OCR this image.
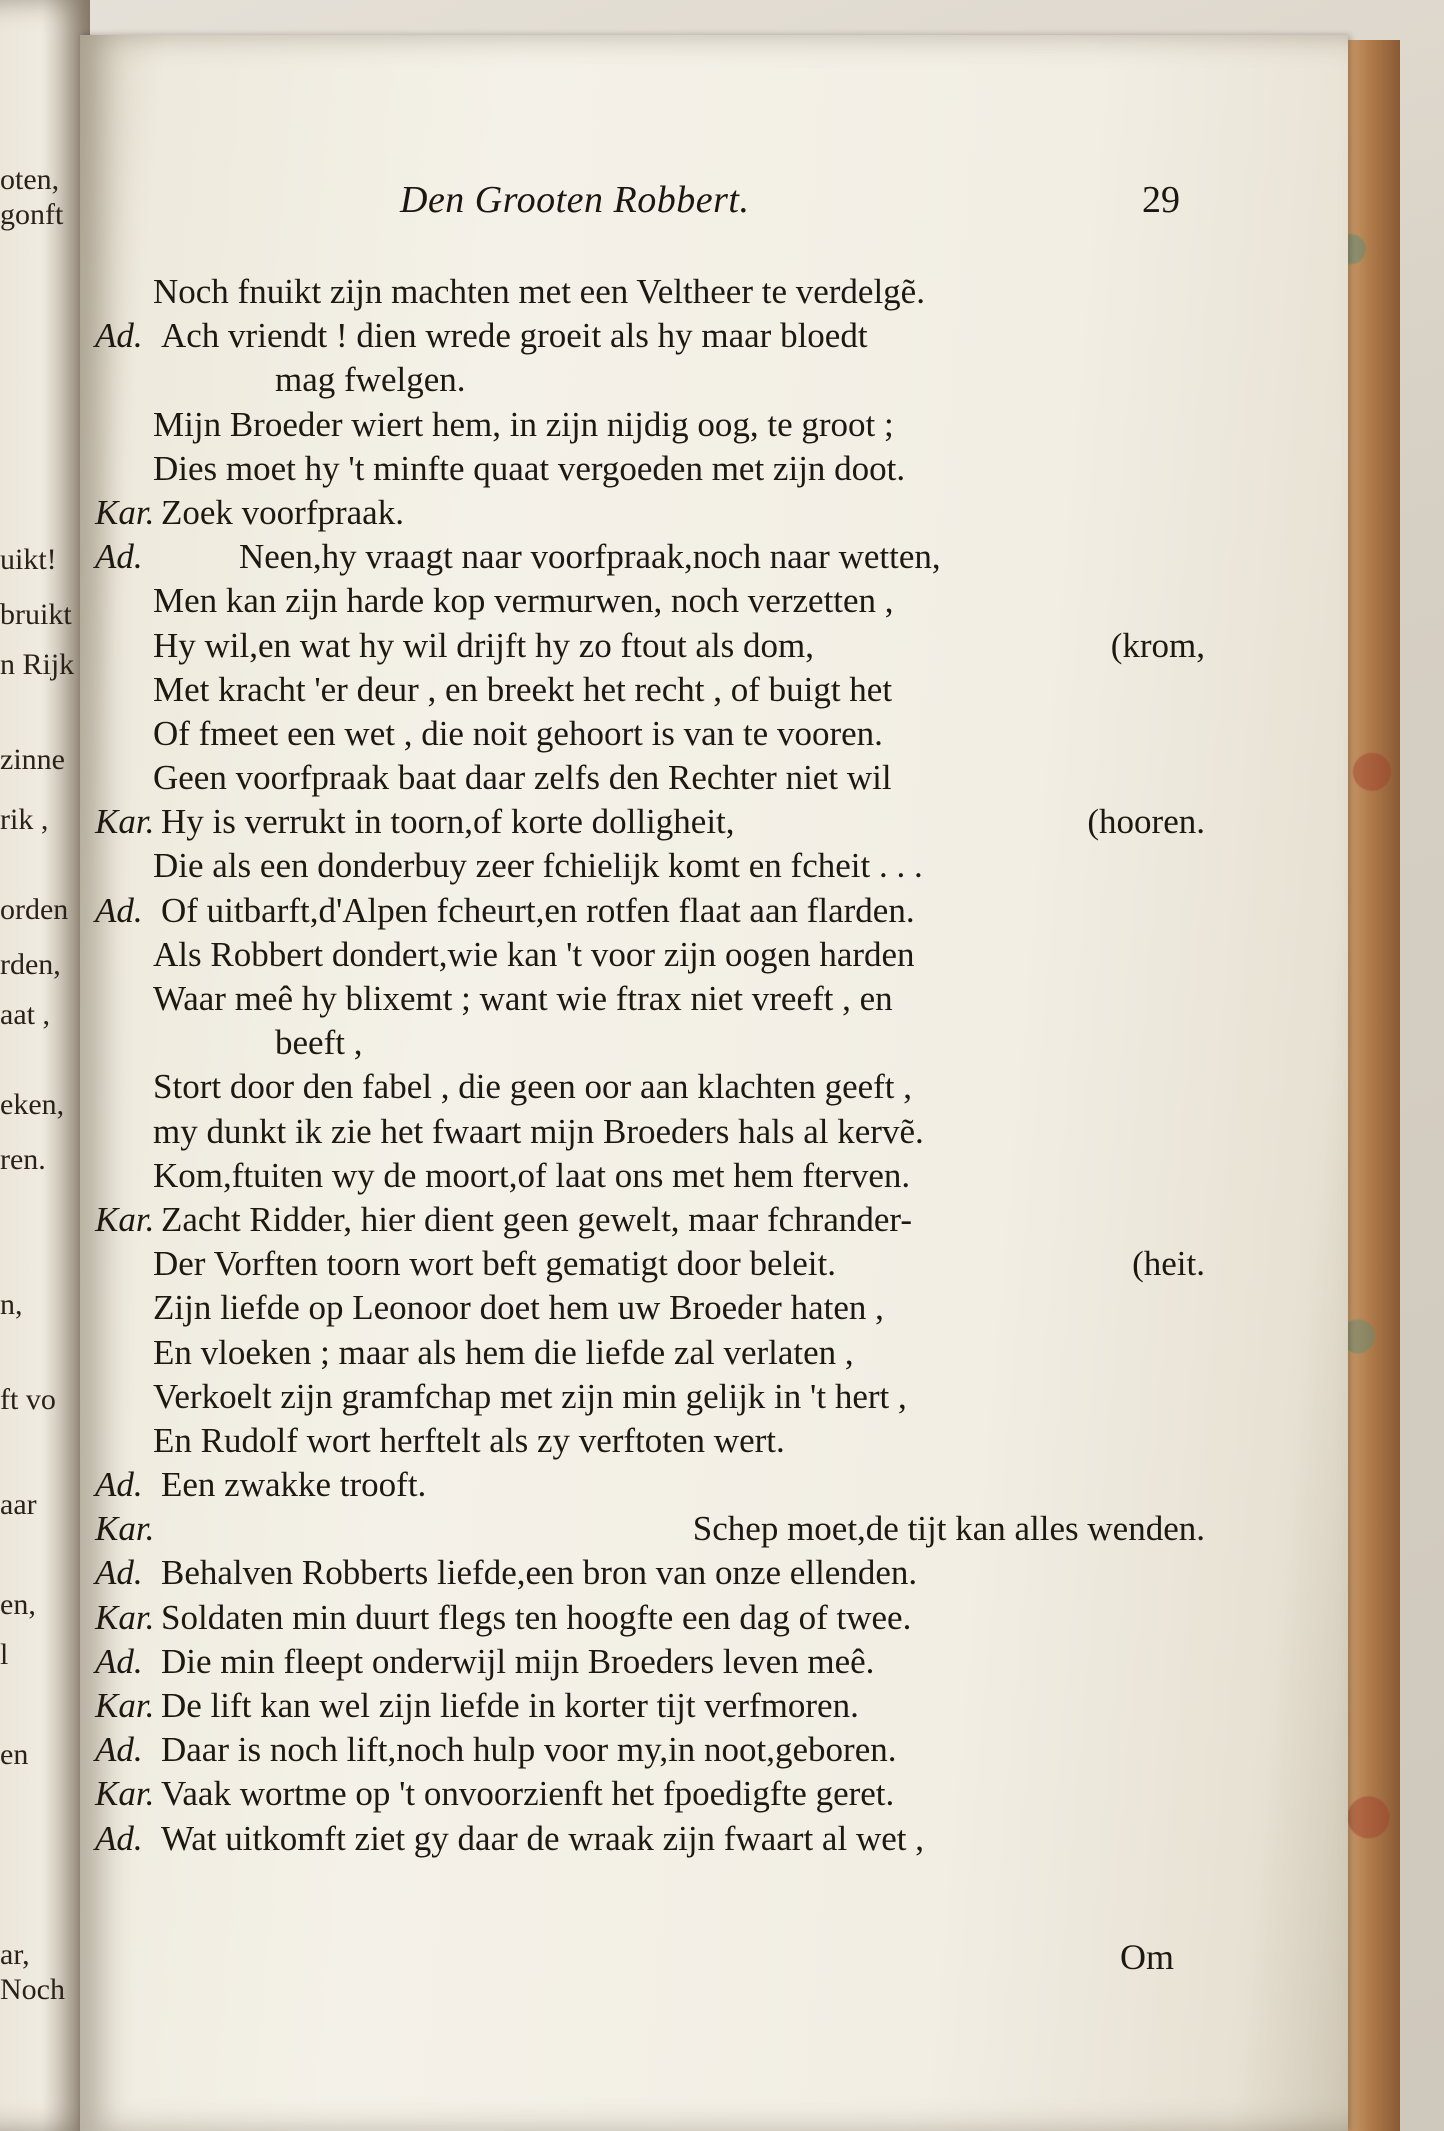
oten,
gonft
uikt!
bruikt
n Rijk
zinne
rik ,
orden
rden,
aat ,
eken,
ren.
n,
ft vo
aar
en,
l
en
ar,
Noch
Den Grooten Robbert.	29
Noch fnuikt zijn machten met een Veltheer te verdelgẽ.
Ad. Ach vriendt ! dien wrede groeit als hy maar bloedt
mag fwelgen.
Mijn Broeder wiert hem, in zijn nijdig oog, te groot ;
Dies moet hy 't minfte quaat vergoeden met zijn doot.
Kar. Zoek voorfpraak.
Ad.	Neen,hy vraagt naar voorfpraak,noch naar wetten,
Men kan zijn harde kop vermurwen, noch verzetten ,
Hy wil,en wat hy wil drijft hy zo ftout als dom,	(krom,
Met kracht 'er deur , en breekt het recht , of buigt het
Of fmeet een wet , die noit gehoort is van te vooren.
Geen voorfpraak baat daar zelfs den Rechter niet wil
Kar. Hy is verrukt in toorn,of korte dolligheit,	(hooren.
Die als een donderbuy zeer fchielijk komt en fcheit . . .
Ad. Of uitbarft,d'Alpen fcheurt,en rotfen flaat aan flarden.
Als Robbert dondert,wie kan 't voor zijn oogen harden
Waar meê hy blixemt ; want wie ftrax niet vreeft , en
beeft ,
Stort door den fabel , die geen oor aan klachten geeft ,
my dunkt ik zie het fwaart mijn Broeders hals al kervẽ.
Kom,ftuiten wy de moort,of laat ons met hem fterven.
Kar. Zacht Ridder, hier dient geen gewelt, maar fchrander-
Der Vorften toorn wort beft gematigt door beleit.	(heit.
Zijn liefde op Leonoor doet hem uw Broeder haten ,
En vloeken ; maar als hem die liefde zal verlaten ,
Verkoelt zijn gramfchap met zijn min gelijk in 't hert ,
En Rudolf wort herftelt als zy verftoten wert.
Ad. Een zwakke trooft.
Kar.	Schep moet,de tijt kan alles wenden.
Ad. Behalven Robberts liefde,een bron van onze ellenden.
Kar. Soldaten min duurt flegs ten hoogfte een dag of twee.
Ad. Die min fleept onderwijl mijn Broeders leven meê.
Kar. De lift kan wel zijn liefde in korter tijt verfmoren.
Ad. Daar is noch lift,noch hulp voor my,in noot,geboren.
Kar. Vaak wortme op 't onvoorzienft het fpoedigfte geret.
Ad. Wat uitkomft ziet gy daar de wraak zijn fwaart al wet ,
Om
